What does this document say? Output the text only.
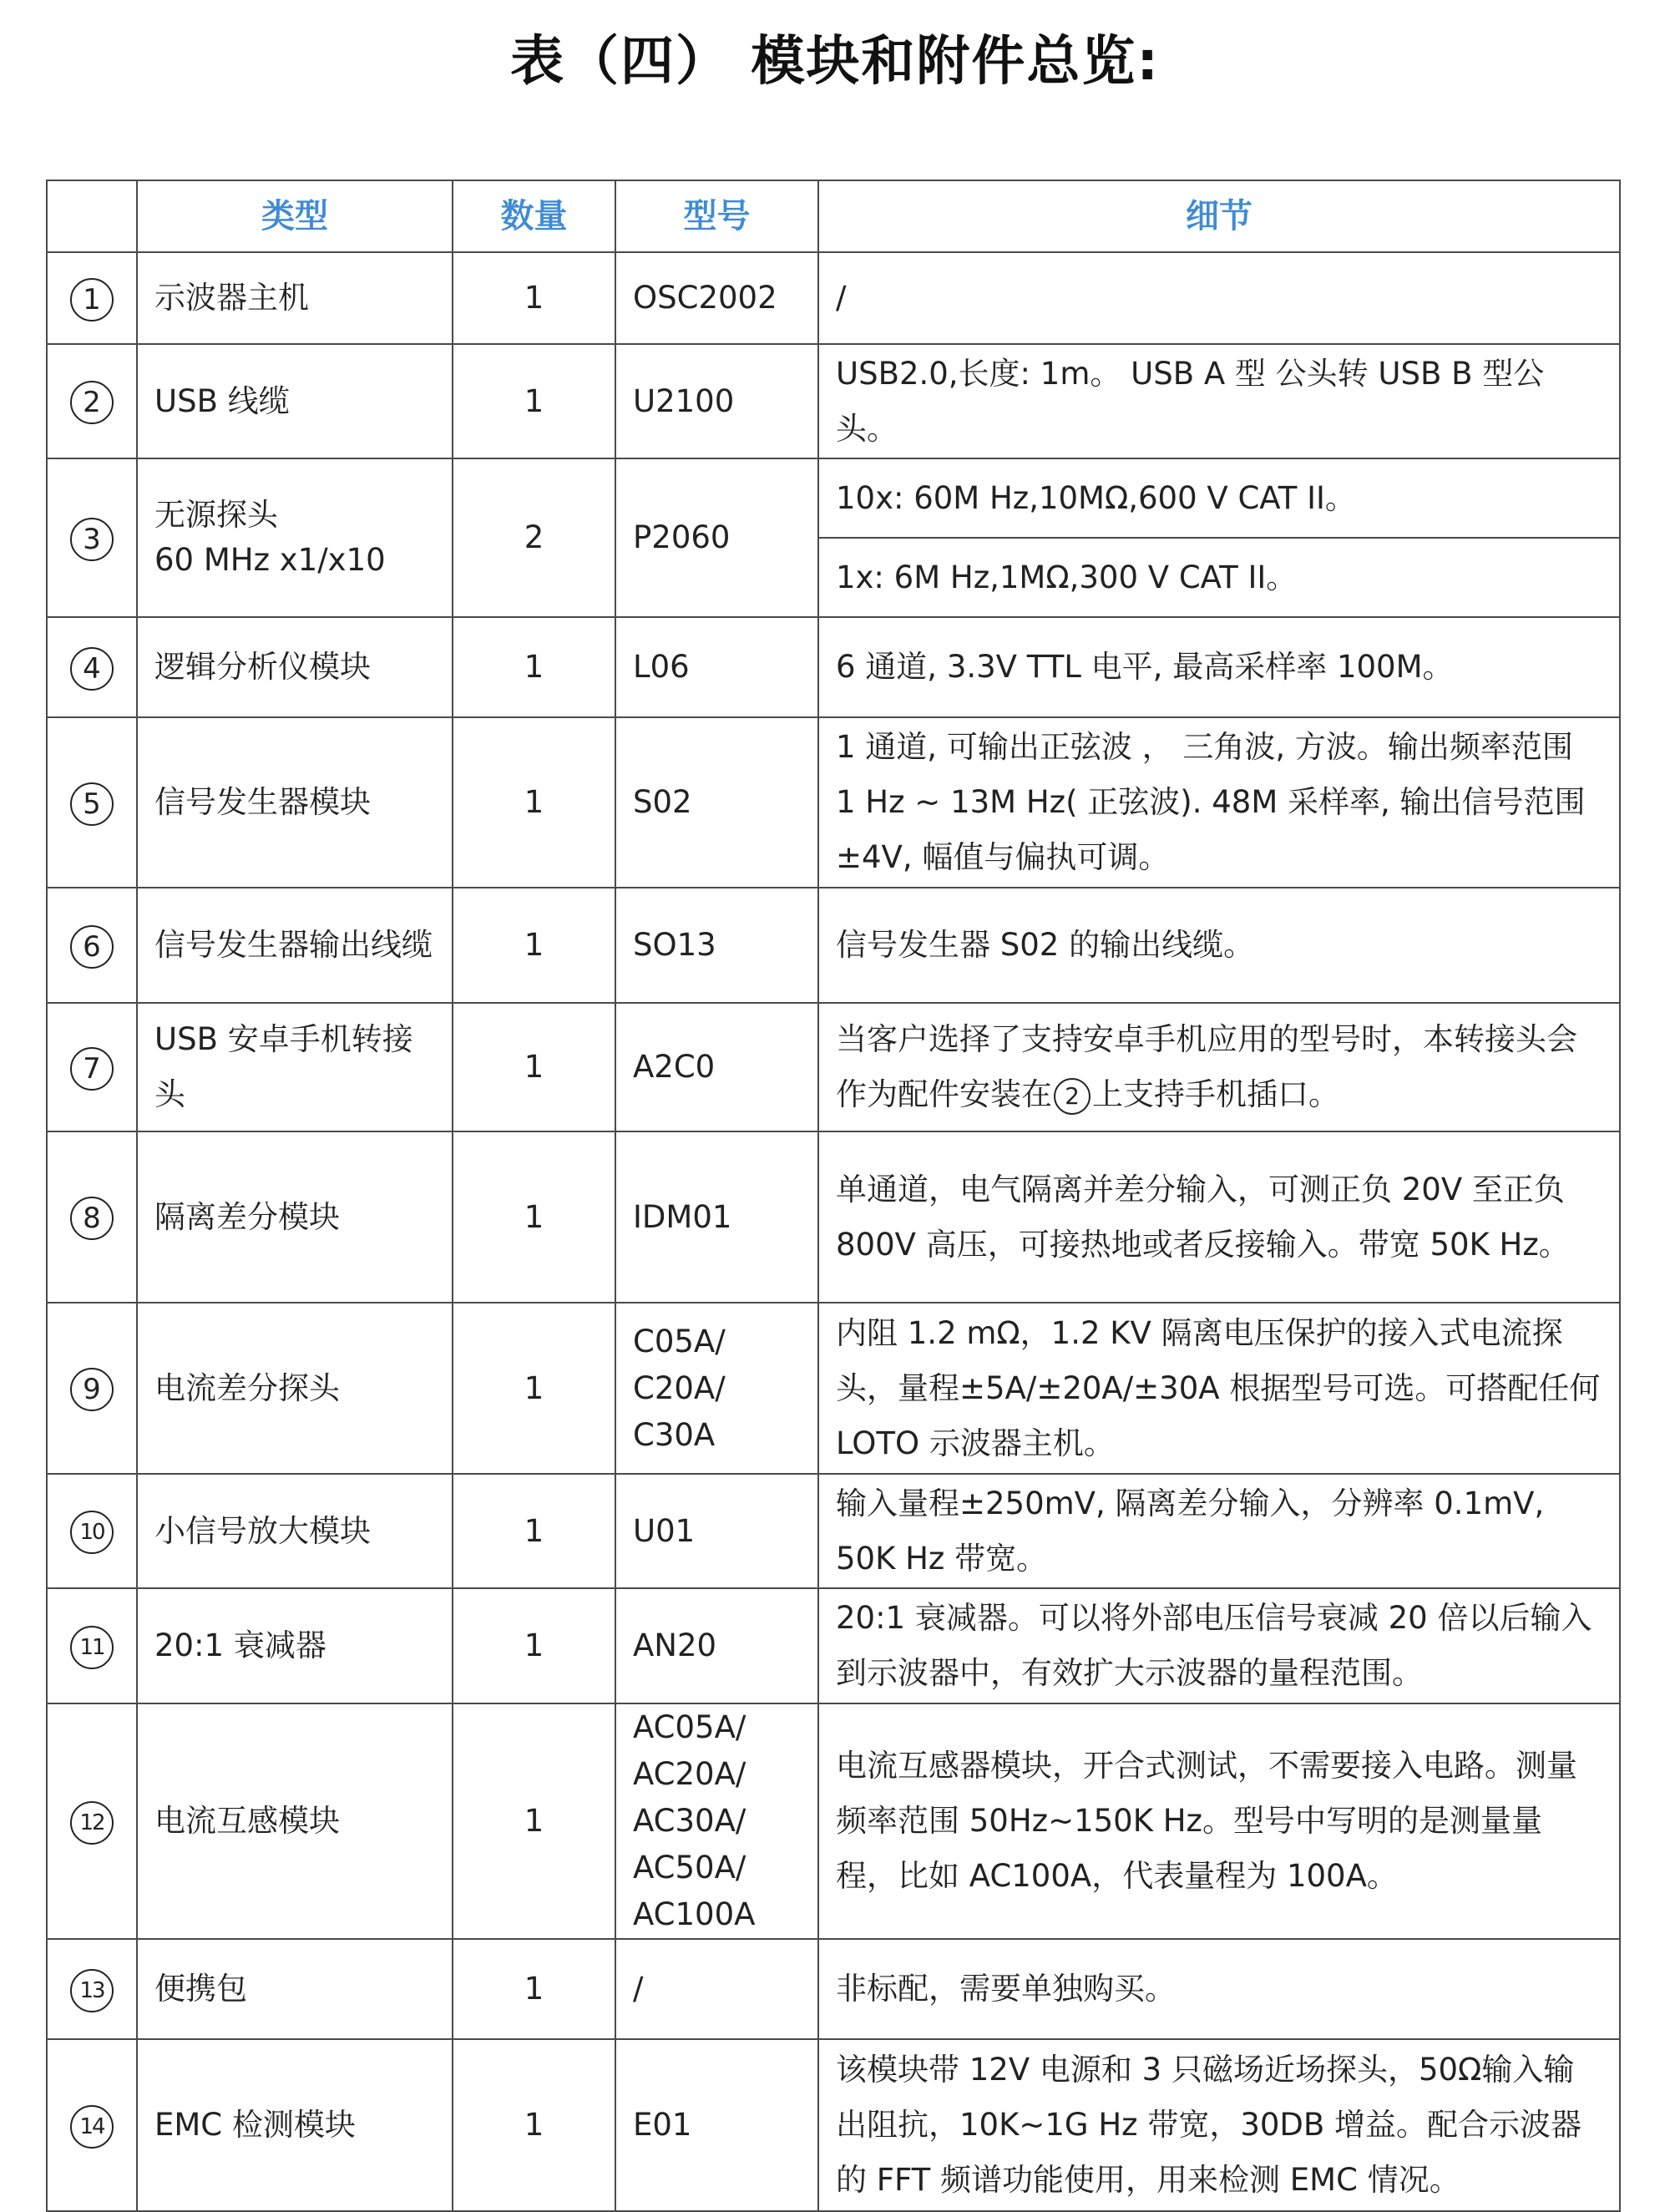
表（四） 模块和附件总览:
	类型	数量	型号	细节
1	示波器主机	1	OSC2002	/
2	USB 线缆	1	U2100	USB2.0,长度: 1m。 USB A 型 公头转 USB B 型公头。
3	无源探头
60 MHz x1/x10	2	P2060	10x: 60M Hz,10MΩ,600 V CAT II。
				1x: 6M Hz,1MΩ,300 V CAT II。
4	逻辑分析仪模块	1	L06	6 通道, 3.3V TTL 电平, 最高采样率 100M。
5	信号发生器模块	1	S02	1 通道, 可输出正弦波 ， 三角波, 方波。输出频率范围 1 Hz ~ 13M Hz( 正弦波). 48M 采样率, 输出信号范围±4V, 幅值与偏执可调。
6	信号发生器输出线缆	1	SO13	信号发生器 S02 的输出线缆。
7	USB 安卓手机转接头	1	A2C0	当客户选择了支持安卓手机应用的型号时，本转接头会作为配件安装在 2 上支持手机插口。
8	隔离差分模块	1	IDM01	单通道，电气隔离并差分输入，可测正负 20V 至正负 800V 高压，可接热地或者反接输入。带宽 50K Hz。
9	电流差分探头	1	C05A/
C20A/
C30A	内阻 1.2 mΩ，1.2 KV 隔离电压保护的接入式电流探头，量程±5A/±20A/±30A 根据型号可选。可搭配任何 LOTO 示波器主机。
10	小信号放大模块	1	U01	输入量程±250mV, 隔离差分输入，分辨率 0.1mV, 50K Hz 带宽。
11	20:1 衰减器	1	AN20	20:1 衰减器。可以将外部电压信号衰减 20 倍以后输入到示波器中，有效扩大示波器的量程范围。
12	电流互感模块	1	AC05A/
AC20A/
AC30A/
AC50A/
AC100A	电流互感器模块，开合式测试，不需要接入电路。测量频率范围 50Hz~150K Hz。型号中写明的是测量量程，比如 AC100A，代表量程为 100A。
13	便携包	1	/	非标配，需要单独购买。
14	EMC 检测模块	1	E01	该模块带 12V 电源和 3 只磁场近场探头，50Ω输入输出阻抗，10K~1G Hz 带宽，30DB 增益。配合示波器的 FFT 频谱功能使用，用来检测 EMC 情况。
